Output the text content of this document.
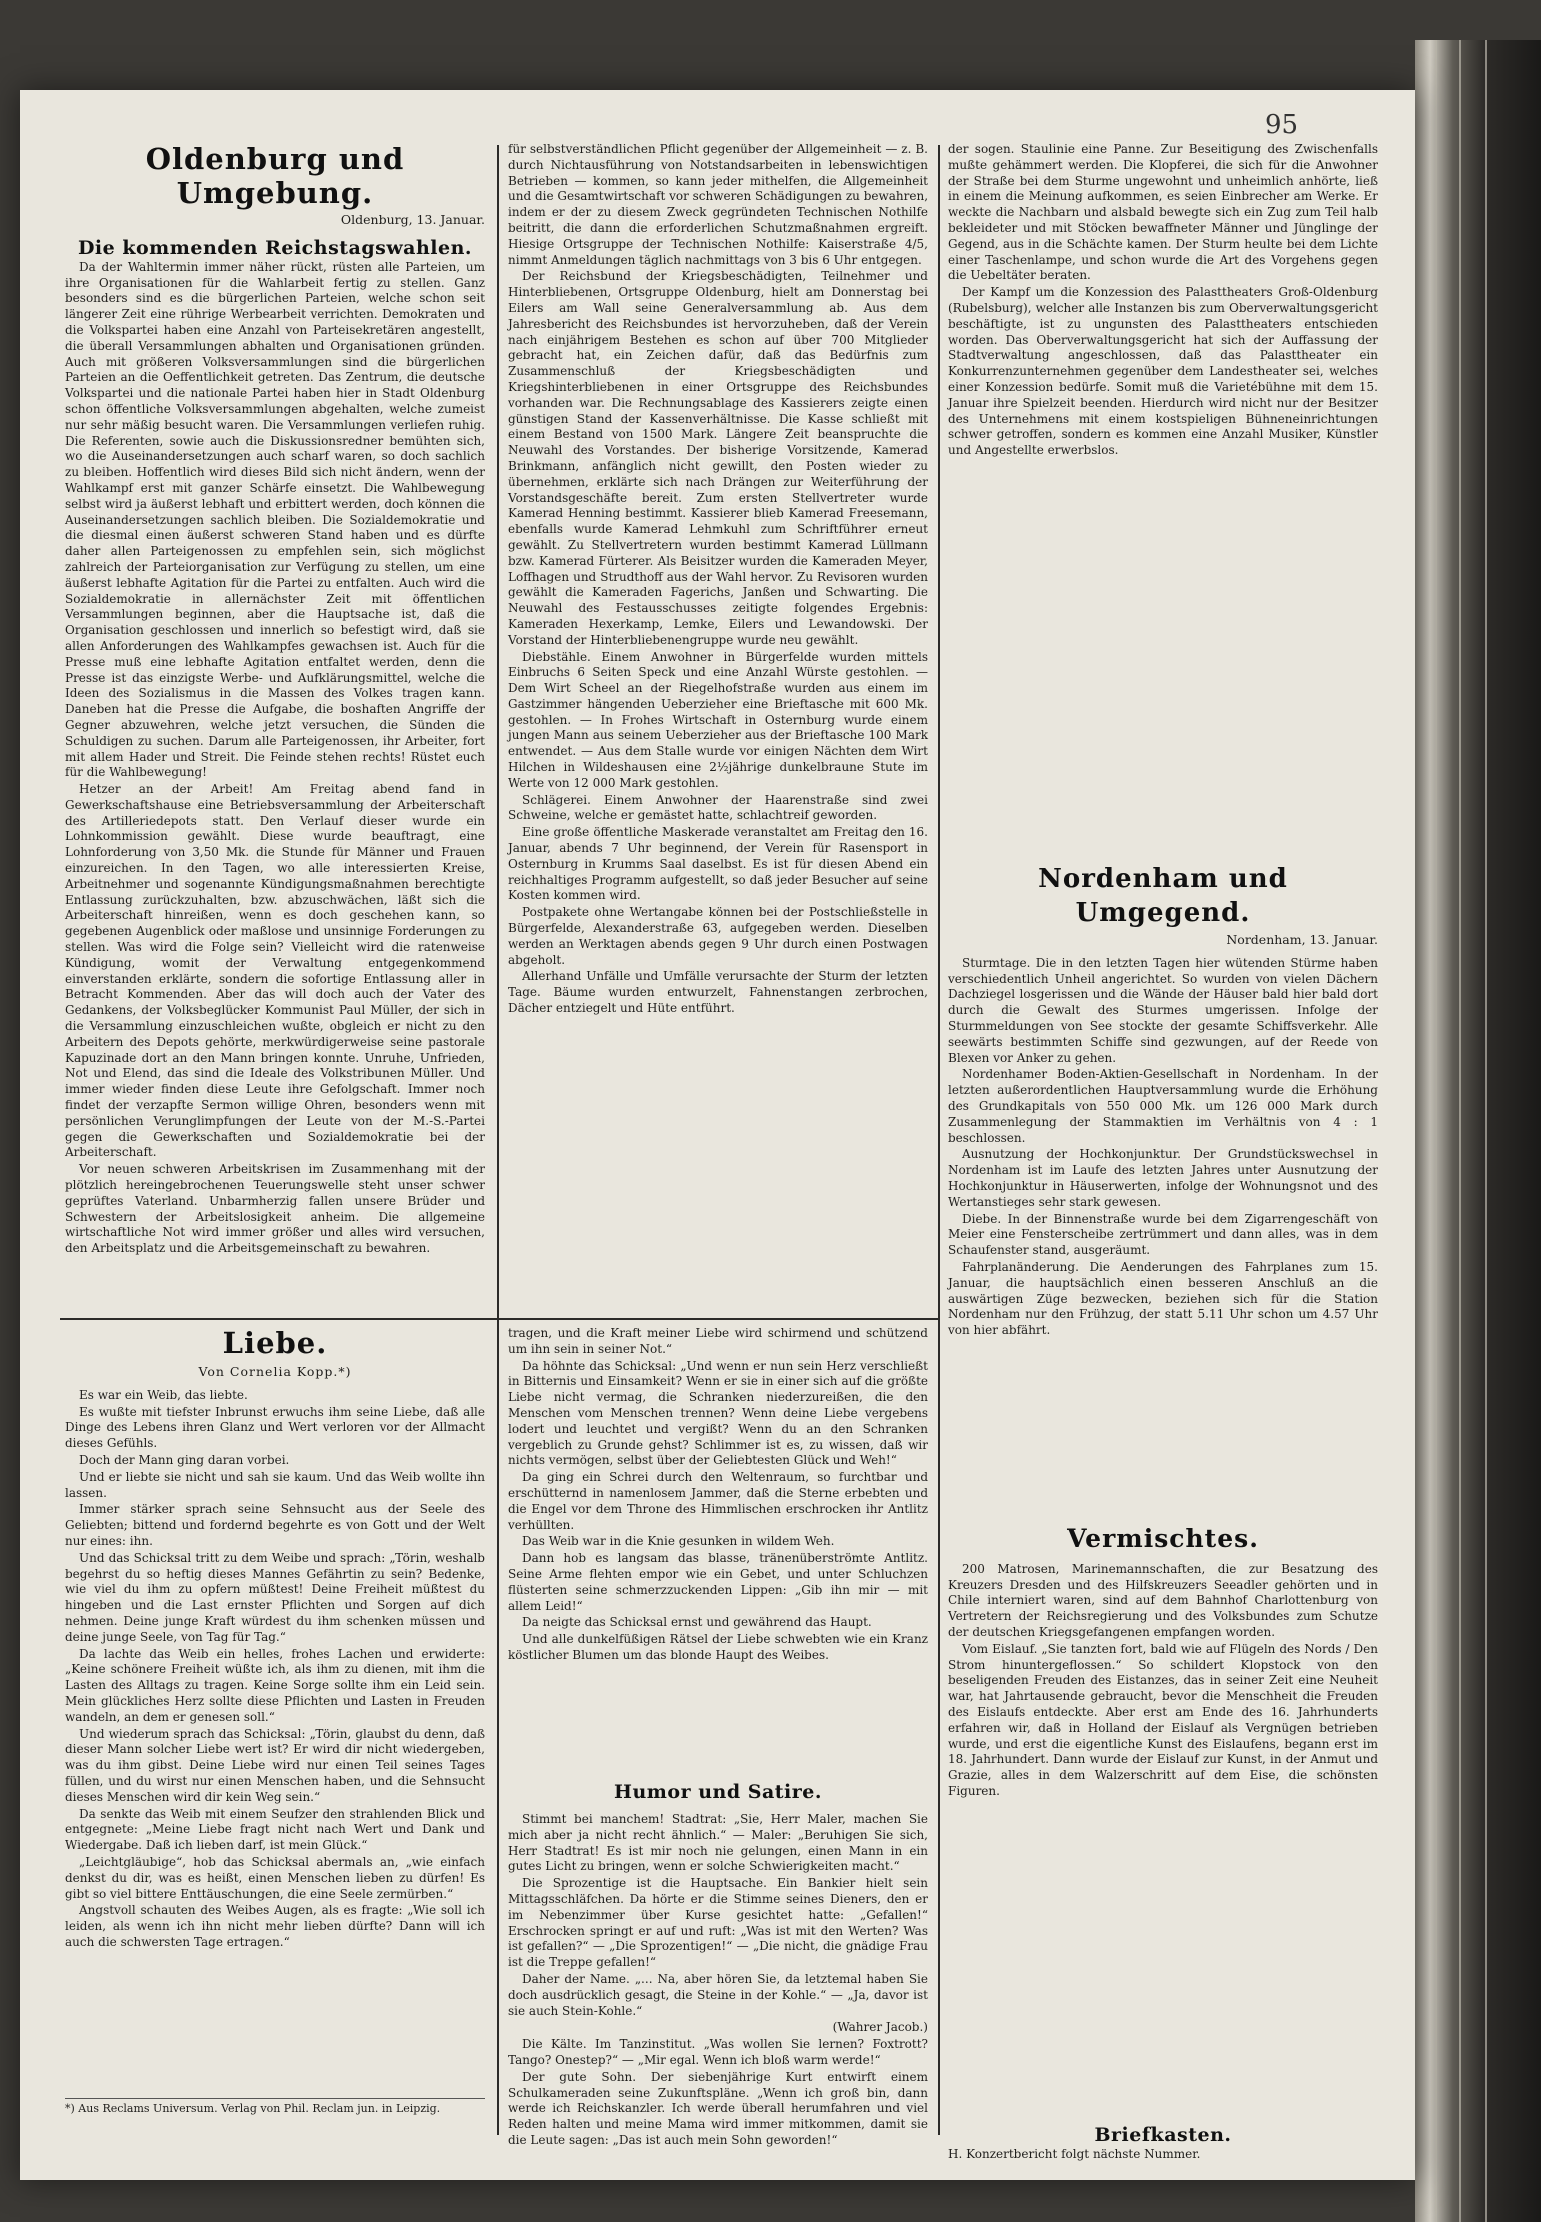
95
Oldenburg und Umgebung.
Oldenburg, 13. Januar.
Die kommenden Reichstagswahlen.

Da der Wahltermin immer näher rückt, rüsten alle Parteien, um ihre Organisationen für die Wahlarbeit fertig zu stellen. Ganz besonders sind es die bürgerlichen Parteien, welche schon seit längerer Zeit eine rührige Werbearbeit verrichten. Demokraten und die Volkspartei haben eine Anzahl von Parteisekretären angestellt, die überall Versammlungen abhalten und Organisationen gründen. Auch mit größeren Volksversammlungen sind die bürgerlichen Parteien an die Oeffentlichkeit getreten. Das Zentrum, die deutsche Volkspartei und die nationale Partei haben hier in Stadt Oldenburg schon öffentliche Volksversammlungen abgehalten, welche zumeist nur sehr mäßig besucht waren. Die Versammlungen verliefen ruhig. Die Referenten, sowie auch die Diskussionsredner bemühten sich, wo die Auseinandersetzungen auch scharf waren, so doch sachlich zu bleiben. Hoffentlich wird dieses Bild sich nicht ändern, wenn der Wahlkampf erst mit ganzer Schärfe einsetzt. Die Wahlbewegung selbst wird ja äußerst lebhaft und erbittert werden, doch können die Auseinandersetzungen sachlich bleiben. Die Sozialdemokratie und die diesmal einen äußerst schweren Stand haben und es dürfte daher allen Parteigenossen zu empfehlen sein, sich möglichst zahlreich der Parteiorganisation zur Verfügung zu stellen, um eine äußerst lebhafte Agitation für die Partei zu entfalten. Auch wird die Sozialdemokratie in allernächster Zeit mit öffentlichen Versammlungen beginnen, aber die Hauptsache ist, daß die Organisation geschlossen und innerlich so befestigt wird, daß sie allen Anforderungen des Wahlkampfes gewachsen ist. Auch für die Presse muß eine lebhafte Agitation entfaltet werden, denn die Presse ist das einzigste Werbe- und Aufklärungsmittel, welche die Ideen des Sozialismus in die Massen des Volkes tragen kann. Daneben hat die Presse die Aufgabe, die boshaften Angriffe der Gegner abzuwehren, welche jetzt versuchen, die Sünden die Schuldigen zu suchen. Darum alle Parteigenossen, ihr Arbeiter, fort mit allem Hader und Streit. Die Feinde stehen rechts! Rüstet euch für die Wahlbewegung!

Hetzer an der Arbeit! Am Freitag abend fand in Gewerkschaftshause eine Betriebsversammlung der Arbeiterschaft des Artilleriedepots statt. Den Verlauf dieser wurde ein Lohnkommission gewählt. Diese wurde beauftragt, eine Lohnforderung von 3,50 Mk. die Stunde für Männer und Frauen einzureichen. In den Tagen, wo alle interessierten Kreise, Arbeitnehmer und sogenannte Kündigungsmaßnahmen berechtigte Entlassung zurückzuhalten, bzw. abzuschwächen, läßt sich die Arbeiterschaft hinreißen, wenn es doch geschehen kann, so gegebenen Augenblick oder maßlose und unsinnige Forderungen zu stellen. Was wird die Folge sein? Vielleicht wird die ratenweise Kündigung, womit der Verwaltung entgegenkommend einverstanden erklärte, sondern die sofortige Entlassung aller in Betracht Kommenden. Aber das will doch auch der Vater des Gedankens, der Volksbeglücker Kommunist Paul Müller, der sich in die Versammlung einzuschleichen wußte, obgleich er nicht zu den Arbeitern des Depots gehörte, merkwürdigerweise seine pastorale Kapuzinade dort an den Mann bringen konnte. Unruhe, Unfrieden, Not und Elend, das sind die Ideale des Volkstribunen Müller. Und immer wieder finden diese Leute ihre Gefolgschaft. Immer noch findet der verzapfte Sermon willige Ohren, besonders wenn mit persönlichen Verunglimpfungen der Leute von der M.-S.-Partei gegen die Gewerkschaften und Sozialdemokratie bei der Arbeiterschaft.

Vor neuen schweren Arbeitskrisen im Zusammenhang mit der plötzlich hereingebrochenen Teuerungswelle steht unser schwer geprüftes Vaterland. Unbarmherzig fallen unsere Brüder und Schwestern der Arbeitslosigkeit anheim. Die allgemeine wirtschaftliche Not wird immer größer und alles wird versuchen, den Arbeitsplatz und die Arbeitsgemeinschaft zu bewahren.

für selbstverständlichen Pflicht gegenüber der Allgemeinheit — z. B. durch Nichtausführung von Notstandsarbeiten in lebenswichtigen Betrieben — kommen, so kann jeder mithelfen, die Allgemeinheit und die Gesamtwirtschaft vor schweren Schädigungen zu bewahren, indem er der zu diesem Zweck gegründeten Technischen Nothilfe beitritt, die dann die erforderlichen Schutzmaßnahmen ergreift. Hiesige Ortsgruppe der Technischen Nothilfe: Kaiserstraße 4/5, nimmt Anmeldungen täglich nachmittags von 3 bis 6 Uhr entgegen.

Der Reichsbund der Kriegsbeschädigten, Teilnehmer und Hinterbliebenen, Ortsgruppe Oldenburg, hielt am Donnerstag bei Eilers am Wall seine Generalversammlung ab. Aus dem Jahresbericht des Reichsbundes ist hervorzuheben, daß der Verein nach einjährigem Bestehen es schon auf über 700 Mitglieder gebracht hat, ein Zeichen dafür, daß das Bedürfnis zum Zusammenschluß der Kriegsbeschädigten und Kriegshinterbliebenen in einer Ortsgruppe des Reichsbundes vorhanden war. Die Rechnungsablage des Kassierers zeigte einen günstigen Stand der Kassenverhältnisse. Die Kasse schließt mit einem Bestand von 1500 Mark. Längere Zeit beanspruchte die Neuwahl des Vorstandes. Der bisherige Vorsitzende, Kamerad Brinkmann, anfänglich nicht gewillt, den Posten wieder zu übernehmen, erklärte sich nach Drängen zur Weiterführung der Vorstandsgeschäfte bereit. Zum ersten Stellvertreter wurde Kamerad Henning bestimmt. Kassierer blieb Kamerad Freesemann, ebenfalls wurde Kamerad Lehmkuhl zum Schriftführer erneut gewählt. Zu Stellvertretern wurden bestimmt Kamerad Lüllmann bzw. Kamerad Fürterer. Als Beisitzer wurden die Kameraden Meyer, Loffhagen und Strudthoff aus der Wahl hervor. Zu Revisoren wurden gewählt die Kameraden Fagerichs, Janßen und Schwarting. Die Neuwahl des Festausschusses zeitigte folgendes Ergebnis: Kameraden Hexerkamp, Lemke, Eilers und Lewandowski. Der Vorstand der Hinterbliebenengruppe wurde neu gewählt.

Diebstähle. Einem Anwohner in Bürgerfelde wurden mittels Einbruchs 6 Seiten Speck und eine Anzahl Würste gestohlen. — Dem Wirt Scheel an der Riegelhofstraße wurden aus einem im Gastzimmer hängenden Ueberzieher eine Brieftasche mit 600 Mk. gestohlen. — In Frohes Wirtschaft in Osternburg wurde einem jungen Mann aus seinem Ueberzieher aus der Brieftasche 100 Mark entwendet. — Aus dem Stalle wurde vor einigen Nächten dem Wirt Hilchen in Wildeshausen eine 2½jährige dunkelbraune Stute im Werte von 12 000 Mark gestohlen.

Schlägerei. Einem Anwohner der Haarenstraße sind zwei Schweine, welche er gemästet hatte, schlachtreif geworden.

Eine große öffentliche Maskerade veranstaltet am Freitag den 16. Januar, abends 7 Uhr beginnend, der Verein für Rasensport in Osternburg in Krumms Saal daselbst. Es ist für diesen Abend ein reichhaltiges Programm aufgestellt, so daß jeder Besucher auf seine Kosten kommen wird.

Postpakete ohne Wertangabe können bei der Postschließstelle in Bürgerfelde, Alexanderstraße 63, aufgegeben werden. Dieselben werden an Werktagen abends gegen 9 Uhr durch einen Postwagen abgeholt.

Allerhand Unfälle und Umfälle verursachte der Sturm der letzten Tage. Bäume wurden entwurzelt, Fahnenstangen zerbrochen, Dächer entziegelt und Hüte entführt.

der sogen. Staulinie eine Panne. Zur Beseitigung des Zwischenfalls mußte gehämmert werden. Die Klopferei, die sich für die Anwohner der Straße bei dem Sturme ungewohnt und unheimlich anhörte, ließ in einem die Meinung aufkommen, es seien Einbrecher am Werke. Er weckte die Nachbarn und alsbald bewegte sich ein Zug zum Teil halb bekleideter und mit Stöcken bewaffneter Männer und Jünglinge der Gegend, aus in die Schächte kamen. Der Sturm heulte bei dem Lichte einer Taschenlampe, und schon wurde die Art des Vorgehens gegen die Uebeltäter beraten.

Der Kampf um die Konzession des Palasttheaters Groß-Oldenburg (Rubelsburg), welcher alle Instanzen bis zum Oberverwaltungsgericht beschäftigte, ist zu ungunsten des Palasttheaters entschieden worden. Das Oberverwaltungsgericht hat sich der Auffassung der Stadtverwaltung angeschlossen, daß das Palasttheater ein Konkurrenzunternehmen gegenüber dem Landestheater sei, welches einer Konzession bedürfe. Somit muß die Varietébühne mit dem 15. Januar ihre Spielzeit beenden. Hierdurch wird nicht nur der Besitzer des Unternehmens mit einem kostspieligen Bühneneinrichtungen schwer getroffen, sondern es kommen eine Anzahl Musiker, Künstler und Angestellte erwerbslos.

Nordenham und Umgegend.
Nordenham, 13. Januar.

Sturmtage. Die in den letzten Tagen hier wütenden Stürme haben verschiedentlich Unheil angerichtet. So wurden von vielen Dächern Dachziegel losgerissen und die Wände der Häuser bald hier bald dort durch die Gewalt des Sturmes umgerissen. Infolge der Sturmmeldungen von See stockte der gesamte Schiffsverkehr. Alle seewärts bestimmten Schiffe sind gezwungen, auf der Reede von Blexen vor Anker zu gehen.

Nordenhamer Boden-Aktien-Gesellschaft in Nordenham. In der letzten außerordentlichen Hauptversammlung wurde die Erhöhung des Grundkapitals von 550 000 Mk. um 126 000 Mark durch Zusammenlegung der Stammaktien im Verhältnis von 4 : 1 beschlossen.

Ausnutzung der Hochkonjunktur. Der Grundstückswechsel in Nordenham ist im Laufe des letzten Jahres unter Ausnutzung der Hochkonjunktur in Häuserwerten, infolge der Wohnungsnot und des Wertanstieges sehr stark gewesen.

Diebe. In der Binnenstraße wurde bei dem Zigarrengeschäft von Meier eine Fensterscheibe zertrümmert und dann alles, was in dem Schaufenster stand, ausgeräumt.

Fahrplanänderung. Die Aenderungen des Fahrplanes zum 15. Januar, die hauptsächlich einen besseren Anschluß an die auswärtigen Züge bezwecken, beziehen sich für die Station Nordenham nur den Frühzug, der statt 5.11 Uhr schon um 4.57 Uhr von hier abfährt.

Vermischtes.

200 Matrosen, Marinemannschaften, die zur Besatzung des Kreuzers Dresden und des Hilfskreuzers Seeadler gehörten und in Chile interniert waren, sind auf dem Bahnhof Charlottenburg von Vertretern der Reichsregierung und des Volksbundes zum Schutze der deutschen Kriegsgefangenen empfangen worden.

Vom Eislauf. „Sie tanzten fort, bald wie auf Flügeln des Nords / Den Strom hinuntergeflossen.“ So schildert Klopstock von den beseligenden Freuden des Eistanzes, das in seiner Zeit eine Neuheit war, hat Jahrtausende gebraucht, bevor die Menschheit die Freuden des Eislaufs entdeckte. Aber erst am Ende des 16. Jahrhunderts erfahren wir, daß in Holland der Eislauf als Vergnügen betrieben wurde, und erst die eigentliche Kunst des Eislaufens, begann erst im 18. Jahrhundert. Dann wurde der Eislauf zur Kunst, in der Anmut und Grazie, alles in dem Walzerschritt auf dem Eise, die schönsten Figuren.

Briefkasten.

H. Konzertbericht folgt nächste Nummer.

Liebe.
Von Cornelia Kopp.*)

Es war ein Weib, das liebte.

Es wußte mit tiefster Inbrunst erwuchs ihm seine Liebe, daß alle Dinge des Lebens ihren Glanz und Wert verloren vor der Allmacht dieses Gefühls.

Doch der Mann ging daran vorbei.

Und er liebte sie nicht und sah sie kaum. Und das Weib wollte ihn lassen.

Immer stärker sprach seine Sehnsucht aus der Seele des Geliebten; bittend und fordernd begehrte es von Gott und der Welt nur eines: ihn.

Und das Schicksal tritt zu dem Weibe und sprach: „Törin, weshalb begehrst du so heftig dieses Mannes Gefährtin zu sein? Bedenke, wie viel du ihm zu opfern müßtest! Deine Freiheit müßtest du hingeben und die Last ernster Pflichten und Sorgen auf dich nehmen. Deine junge Kraft würdest du ihm schenken müssen und deine junge Seele, von Tag für Tag.“

Da lachte das Weib ein helles, frohes Lachen und erwiderte: „Keine schönere Freiheit wüßte ich, als ihm zu dienen, mit ihm die Lasten des Alltags zu tragen. Keine Sorge sollte ihm ein Leid sein. Mein glückliches Herz sollte diese Pflichten und Lasten in Freuden wandeln, an dem er genesen soll.“

Und wiederum sprach das Schicksal: „Törin, glaubst du denn, daß dieser Mann solcher Liebe wert ist? Er wird dir nicht wiedergeben, was du ihm gibst. Deine Liebe wird nur einen Teil seines Tages füllen, und du wirst nur einen Menschen haben, und die Sehnsucht dieses Menschen wird dir kein Weg sein.“

Da senkte das Weib mit einem Seufzer den strahlenden Blick und entgegnete: „Meine Liebe fragt nicht nach Wert und Dank und Wiedergabe. Daß ich lieben darf, ist mein Glück.“

„Leichtgläubige“, hob das Schicksal abermals an, „wie einfach denkst du dir, was es heißt, einen Menschen lieben zu dürfen! Es gibt so viel bittere Enttäuschungen, die eine Seele zermürben.“

Angstvoll schauten des Weibes Augen, als es fragte: „Wie soll ich leiden, als wenn ich ihn nicht mehr lieben dürfte? Dann will ich auch die schwersten Tage ertragen.“

*) Aus Reclams Universum. Verlag von Phil. Reclam jun. in Leipzig.

tragen, und die Kraft meiner Liebe wird schirmend und schützend um ihn sein in seiner Not.“

Da höhnte das Schicksal: „Und wenn er nun sein Herz verschließt in Bitternis und Einsamkeit? Wenn er sie in einer sich auf die größte Liebe nicht vermag, die Schranken niederzureißen, die den Menschen vom Menschen trennen? Wenn deine Liebe vergebens lodert und leuchtet und vergißt? Wenn du an den Schranken vergeblich zu Grunde gehst? Schlimmer ist es, zu wissen, daß wir nichts vermögen, selbst über der Geliebtesten Glück und Weh!“

Da ging ein Schrei durch den Weltenraum, so furchtbar und erschütternd in namenlosem Jammer, daß die Sterne erbebten und die Engel vor dem Throne des Himmlischen erschrocken ihr Antlitz verhüllten.

Das Weib war in die Knie gesunken in wildem Weh.

Dann hob es langsam das blasse, tränenüberströmte Antlitz. Seine Arme flehten empor wie ein Gebet, und unter Schluchzen flüsterten seine schmerzzuckenden Lippen: „Gib ihn mir — mit allem Leid!“

Da neigte das Schicksal ernst und gewährend das Haupt.

Und alle dunkelfüßigen Rätsel der Liebe schwebten wie ein Kranz köstlicher Blumen um das blonde Haupt des Weibes.

Humor und Satire.

Stimmt bei manchem! Stadtrat: „Sie, Herr Maler, machen Sie mich aber ja nicht recht ähnlich.“ — Maler: „Beruhigen Sie sich, Herr Stadtrat! Es ist mir noch nie gelungen, einen Mann in ein gutes Licht zu bringen, wenn er solche Schwierigkeiten macht.“

Die Sprozentige ist die Hauptsache. Ein Bankier hielt sein Mittagsschläfchen. Da hörte er die Stimme seines Dieners, den er im Nebenzimmer über Kurse gesichtet hatte: „Gefallen!“ Erschrocken springt er auf und ruft: „Was ist mit den Werten? Was ist gefallen?“ — „Die Sprozentigen!“ — „Die nicht, die gnädige Frau ist die Treppe gefallen!“

Daher der Name. „... Na, aber hören Sie, da letztemal haben Sie doch ausdrücklich gesagt, die Steine in der Kohle.“ — „Ja, davor ist sie auch Stein-Kohle.“

(Wahrer Jacob.)

Die Kälte. Im Tanzinstitut. „Was wollen Sie lernen? Foxtrott? Tango? Onestep?“ — „Mir egal. Wenn ich bloß warm werde!“

Der gute Sohn. Der siebenjährige Kurt entwirft einem Schulkameraden seine Zukunftspläne. „Wenn ich groß bin, dann werde ich Reichskanzler. Ich werde überall herumfahren und viel Reden halten und meine Mama wird immer mitkommen, damit sie die Leute sagen: „Das ist auch mein Sohn geworden!“
